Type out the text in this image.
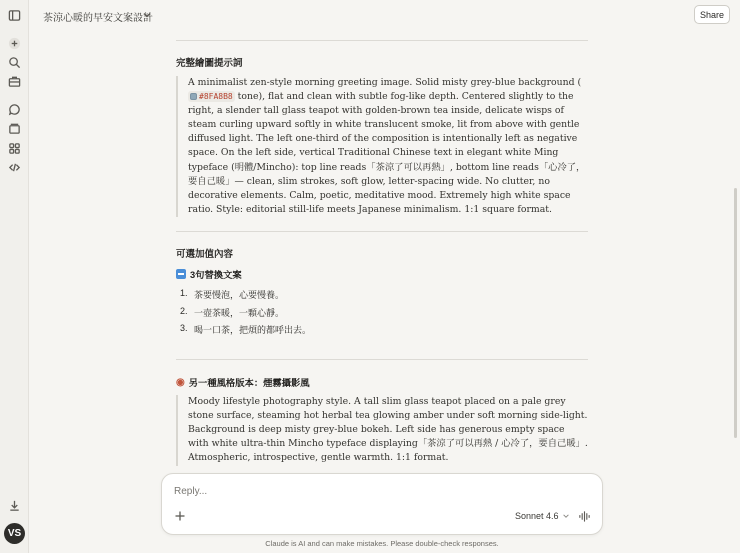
VS
茶涼心暖的早安文案設計	Share
完整繪圖提示詞
A minimalist zen-style morning greeting image. Solid misty grey-blue background (#8FA8B8 tone), flat and clean with subtle fog-like depth. Centered slightly to the right, a slender tall glass teapot with golden-brown tea inside, delicate wisps of steam curling upward softly in white translucent smoke, lit from above with gentle diffused light. The left one-third of the composition is intentionally left as negative space. On the left side, vertical Traditional Chinese text in elegant white Ming typeface (明體/Mincho): top line reads「茶涼了可以再熱」, bottom line reads「心冷了，要自己暖」— clean, slim strokes, soft glow, letter-spacing wide. No clutter, no decorative elements. Calm, poetic, meditative mood. Extremely high white space ratio. Style: editorial still-life meets Japanese minimalism. 1:1 square format.
可選加值內容
3句替換文案
1. 茶要慢泡，心要慢養。
2. 一壺茶暖，一顆心靜。
3. 喝一口茶，把煩的都呼出去。
◉ 另一種風格版本：煙霧攝影風
Moody lifestyle photography style. A tall slim glass teapot placed on a pale grey stone surface, steaming hot herbal tea glowing amber under soft morning side-light. Background is deep misty grey-blue bokeh. Left side has generous empty space with white ultra-thin Mincho typeface displaying「茶涼了可以再熱 / 心冷了，要自己暖」. Atmospheric, introspective, gentle warmth. 1:1 format.
Reply...
Sonnet 4.6
Claude is AI and can make mistakes. Please double-check responses.
